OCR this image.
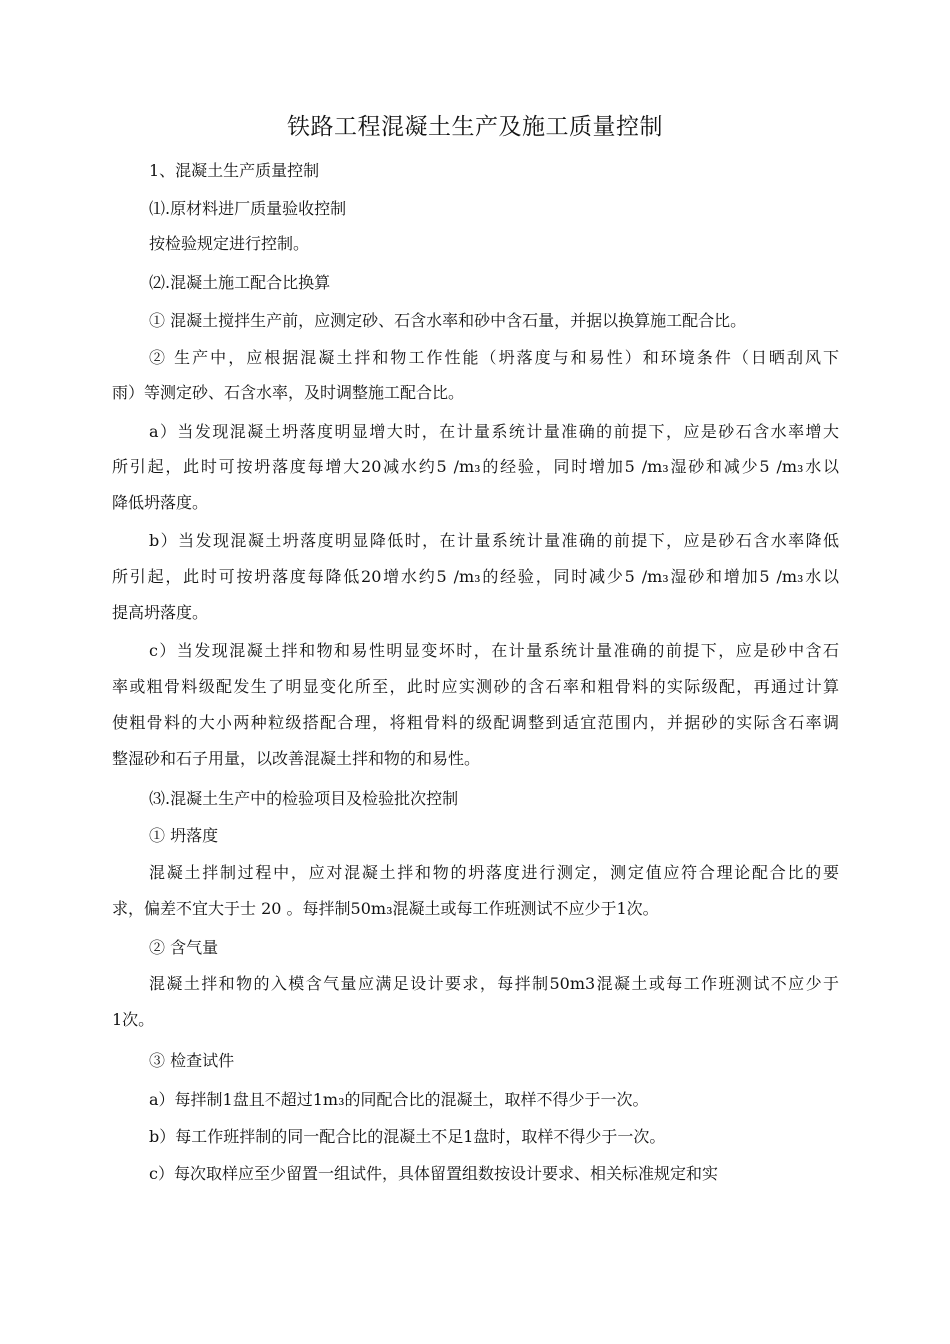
铁路工程混凝土生产及施工质量控制
1、混凝土生产质量控制
⑴.原材料进厂质量验收控制
按检验规定进行控制。
⑵.混凝土施工配合比换算
① 混凝土搅拌生产前，应测定砂、石含水率和砂中含石量，并据以换算施工配合比。
② 生产中，应根据混凝土拌和物工作性能（坍落度与和易性）和环境条件（日晒刮风下
雨）等测定砂、石含水率，及时调整施工配合比。
a）当发现混凝土坍落度明显增大时，在计量系统计量准确的前提下，应是砂石含水率增大
所引起，此时可按坍落度每增大20减水约5 /m₃的经验，同时增加5 /m₃湿砂和减少5 /m₃水以
降低坍落度。
b）当发现混凝土坍落度明显降低时，在计量系统计量准确的前提下，应是砂石含水率降低
所引起，此时可按坍落度每降低20增水约5 /m₃的经验，同时减少5 /m₃湿砂和增加5 /m₃水以
提高坍落度。
c）当发现混凝土拌和物和易性明显变坏时，在计量系统计量准确的前提下，应是砂中含石
率或粗骨料级配发生了明显变化所至，此时应实测砂的含石率和粗骨料的实际级配，再通过计算
使粗骨料的大小两种粒级搭配合理，将粗骨料的级配调整到适宜范围内，并据砂的实际含石率调
整湿砂和石子用量，以改善混凝土拌和物的和易性。
⑶.混凝土生产中的检验项目及检验批次控制
① 坍落度
混凝土拌制过程中，应对混凝土拌和物的坍落度进行测定，测定值应符合理论配合比的要
求，偏差不宜大于士 20 。每拌制50m₃混凝土或每工作班测试不应少于1次。
② 含气量
混凝土拌和物的入模含气量应满足设计要求，每拌制50m3混凝土或每工作班测试不应少于
1次。
③ 检查试件
a）每拌制1盘且不超过1m₃的同配合比的混凝土，取样不得少于一次。
b）每工作班拌制的同一配合比的混凝土不足1盘时，取样不得少于一次。
c）每次取样应至少留置一组试件，具体留置组数按设计要求、相关标准规定和实
